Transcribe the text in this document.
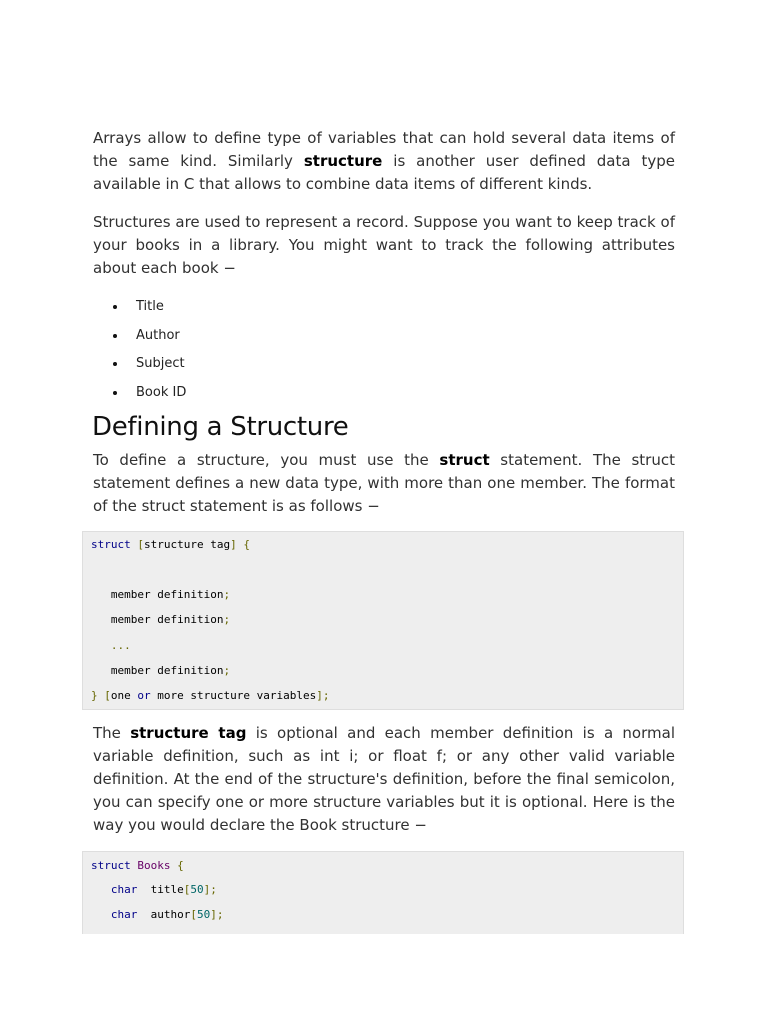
Arrays allow to define type of variables that can hold several data items of the same kind. Similarly structure is another user defined data type available in C that allows to combine data items of different kinds.

Structures are used to represent a record. Suppose you want to keep track of your books in a library. You might want to track the following attributes about each book −

Title
Author
Subject
Book ID
Defining a Structure

To define a structure, you must use the struct statement. The struct statement defines a new data type, with more than one member. The format of the struct statement is as follows −

struct [structure tag] {
member definition;
member definition;
...
member definition;
} [one or more structure variables];

The structure tag is optional and each member definition is a normal variable definition, such as int i; or float f; or any other valid variable definition. At the end of the structure's definition, before the final semicolon, you can specify one or more structure variables but it is optional. Here is the way you would declare the Book structure −

struct Books {
char title[50];
char author[50];
